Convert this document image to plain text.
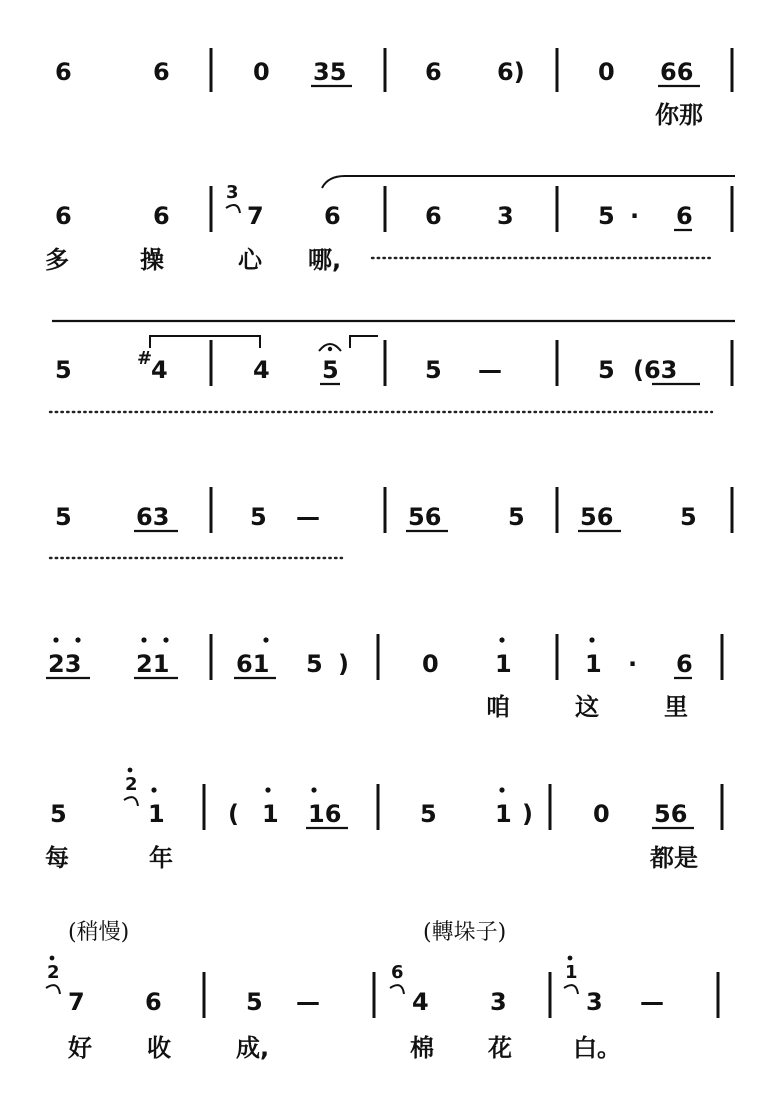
6	6	0 35	6 6)	0 66
你那
6	6
3
7	6	6 3	5 · 6
多	操	心 哪,
5	#
4	4 5	5 —	5 (63
5	63	5 —	56	5 56	5
23 21	61 5 )	0 1	1 · 6
咱	这	里
5
2
1	( 1 16	5 1 )	0 56
每	年	都是
(稍慢)	(轉垛子)
2
7	6	5 —
6
4	3
1
3 —
好 收	成,	棉 花	白。
